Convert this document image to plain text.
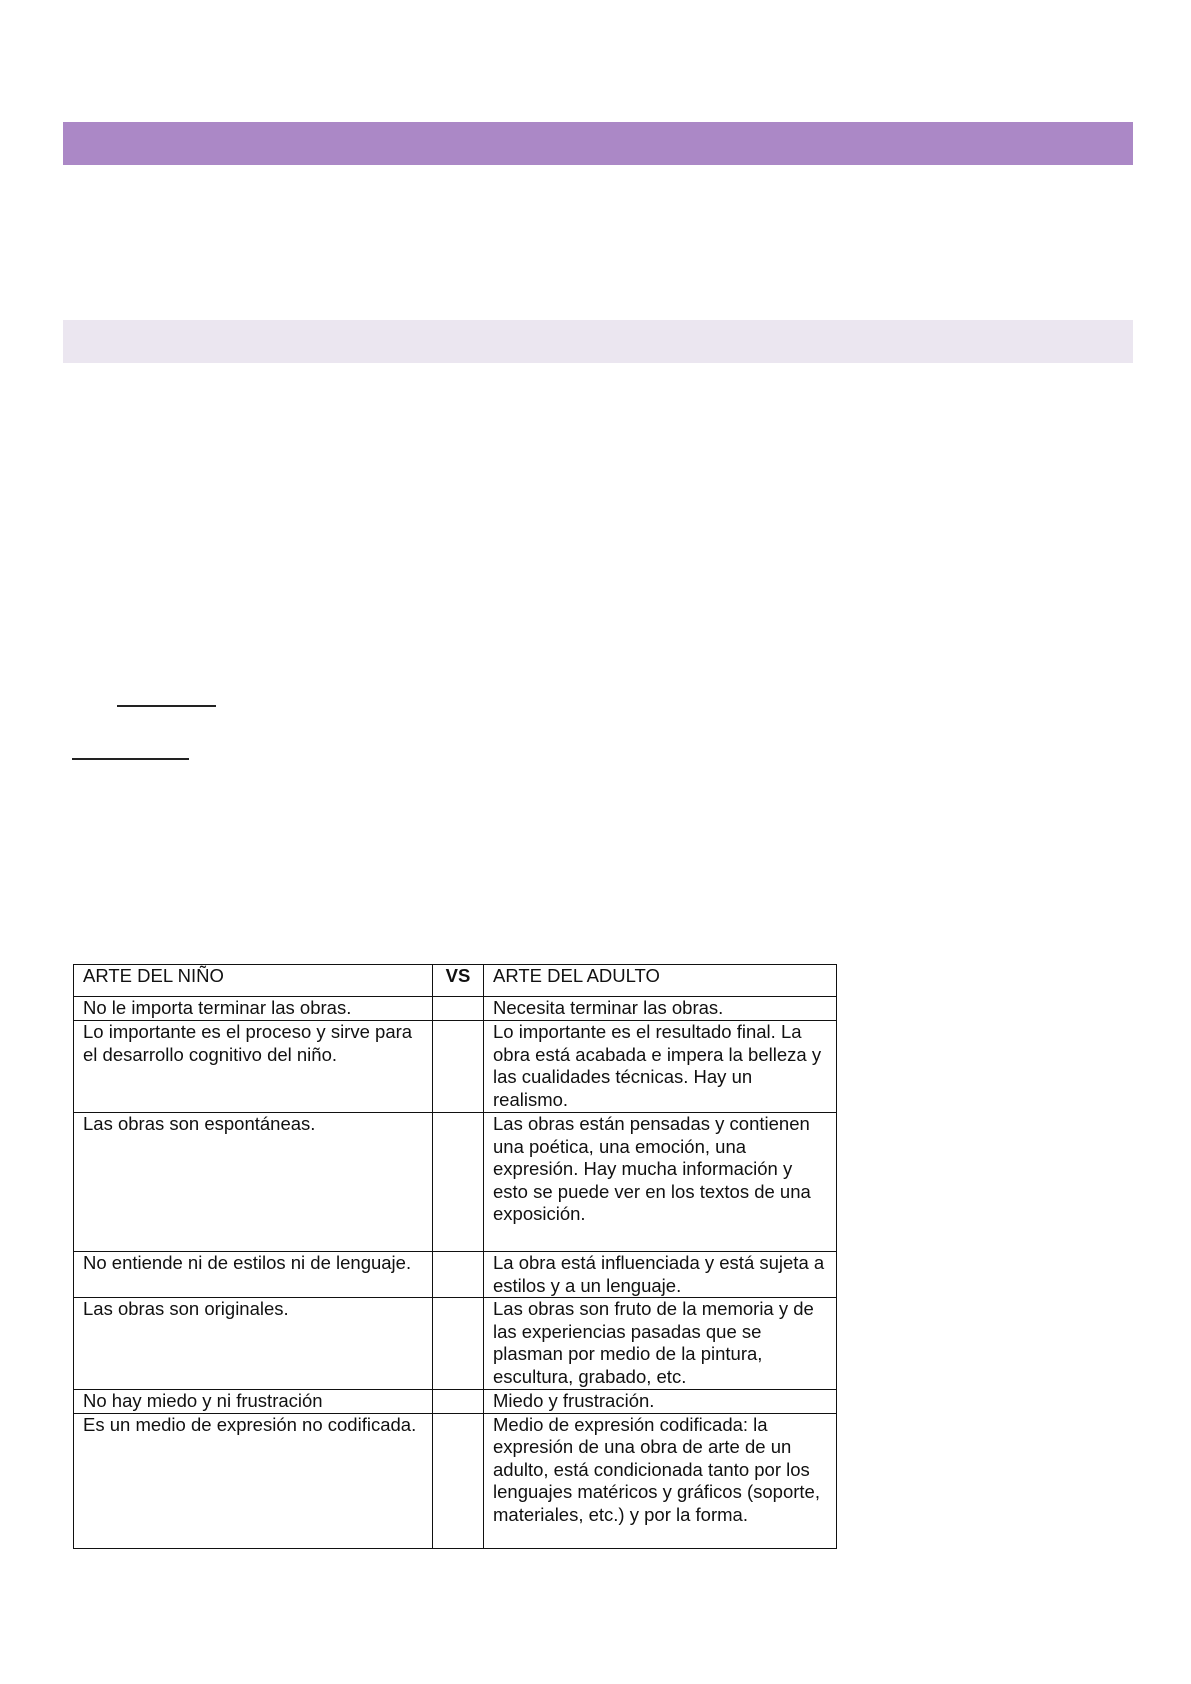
ARTE DEL NIÑO	VS	ARTE DEL ADULTO
No le importa terminar las obras.		Necesita terminar las obras.
Lo importante es el proceso y sirve para el desarrollo cognitivo del niño.		Lo importante es el resultado final. La obra está acabada e impera la belleza y las cualidades técnicas. Hay un realismo.
Las obras son espontáneas.		Las obras están pensadas y contienen una poética, una emoción, una expresión. Hay mucha información y esto se puede ver en los textos de una exposición.
No entiende ni de estilos ni de lenguaje.		La obra está influenciada y está sujeta a estilos y a un lenguaje.
Las obras son originales.		Las obras son fruto de la memoria y de las experiencias pasadas que se plasman por medio de la pintura, escultura, grabado, etc.
No hay miedo y ni frustración		Miedo y frustración.
Es un medio de expresión no codificada.		Medio de expresión codificada: la expresión de una obra de arte de un adulto, está condicionada tanto por los lenguajes matéricos y gráficos (soporte, materiales, etc.) y por la forma.
